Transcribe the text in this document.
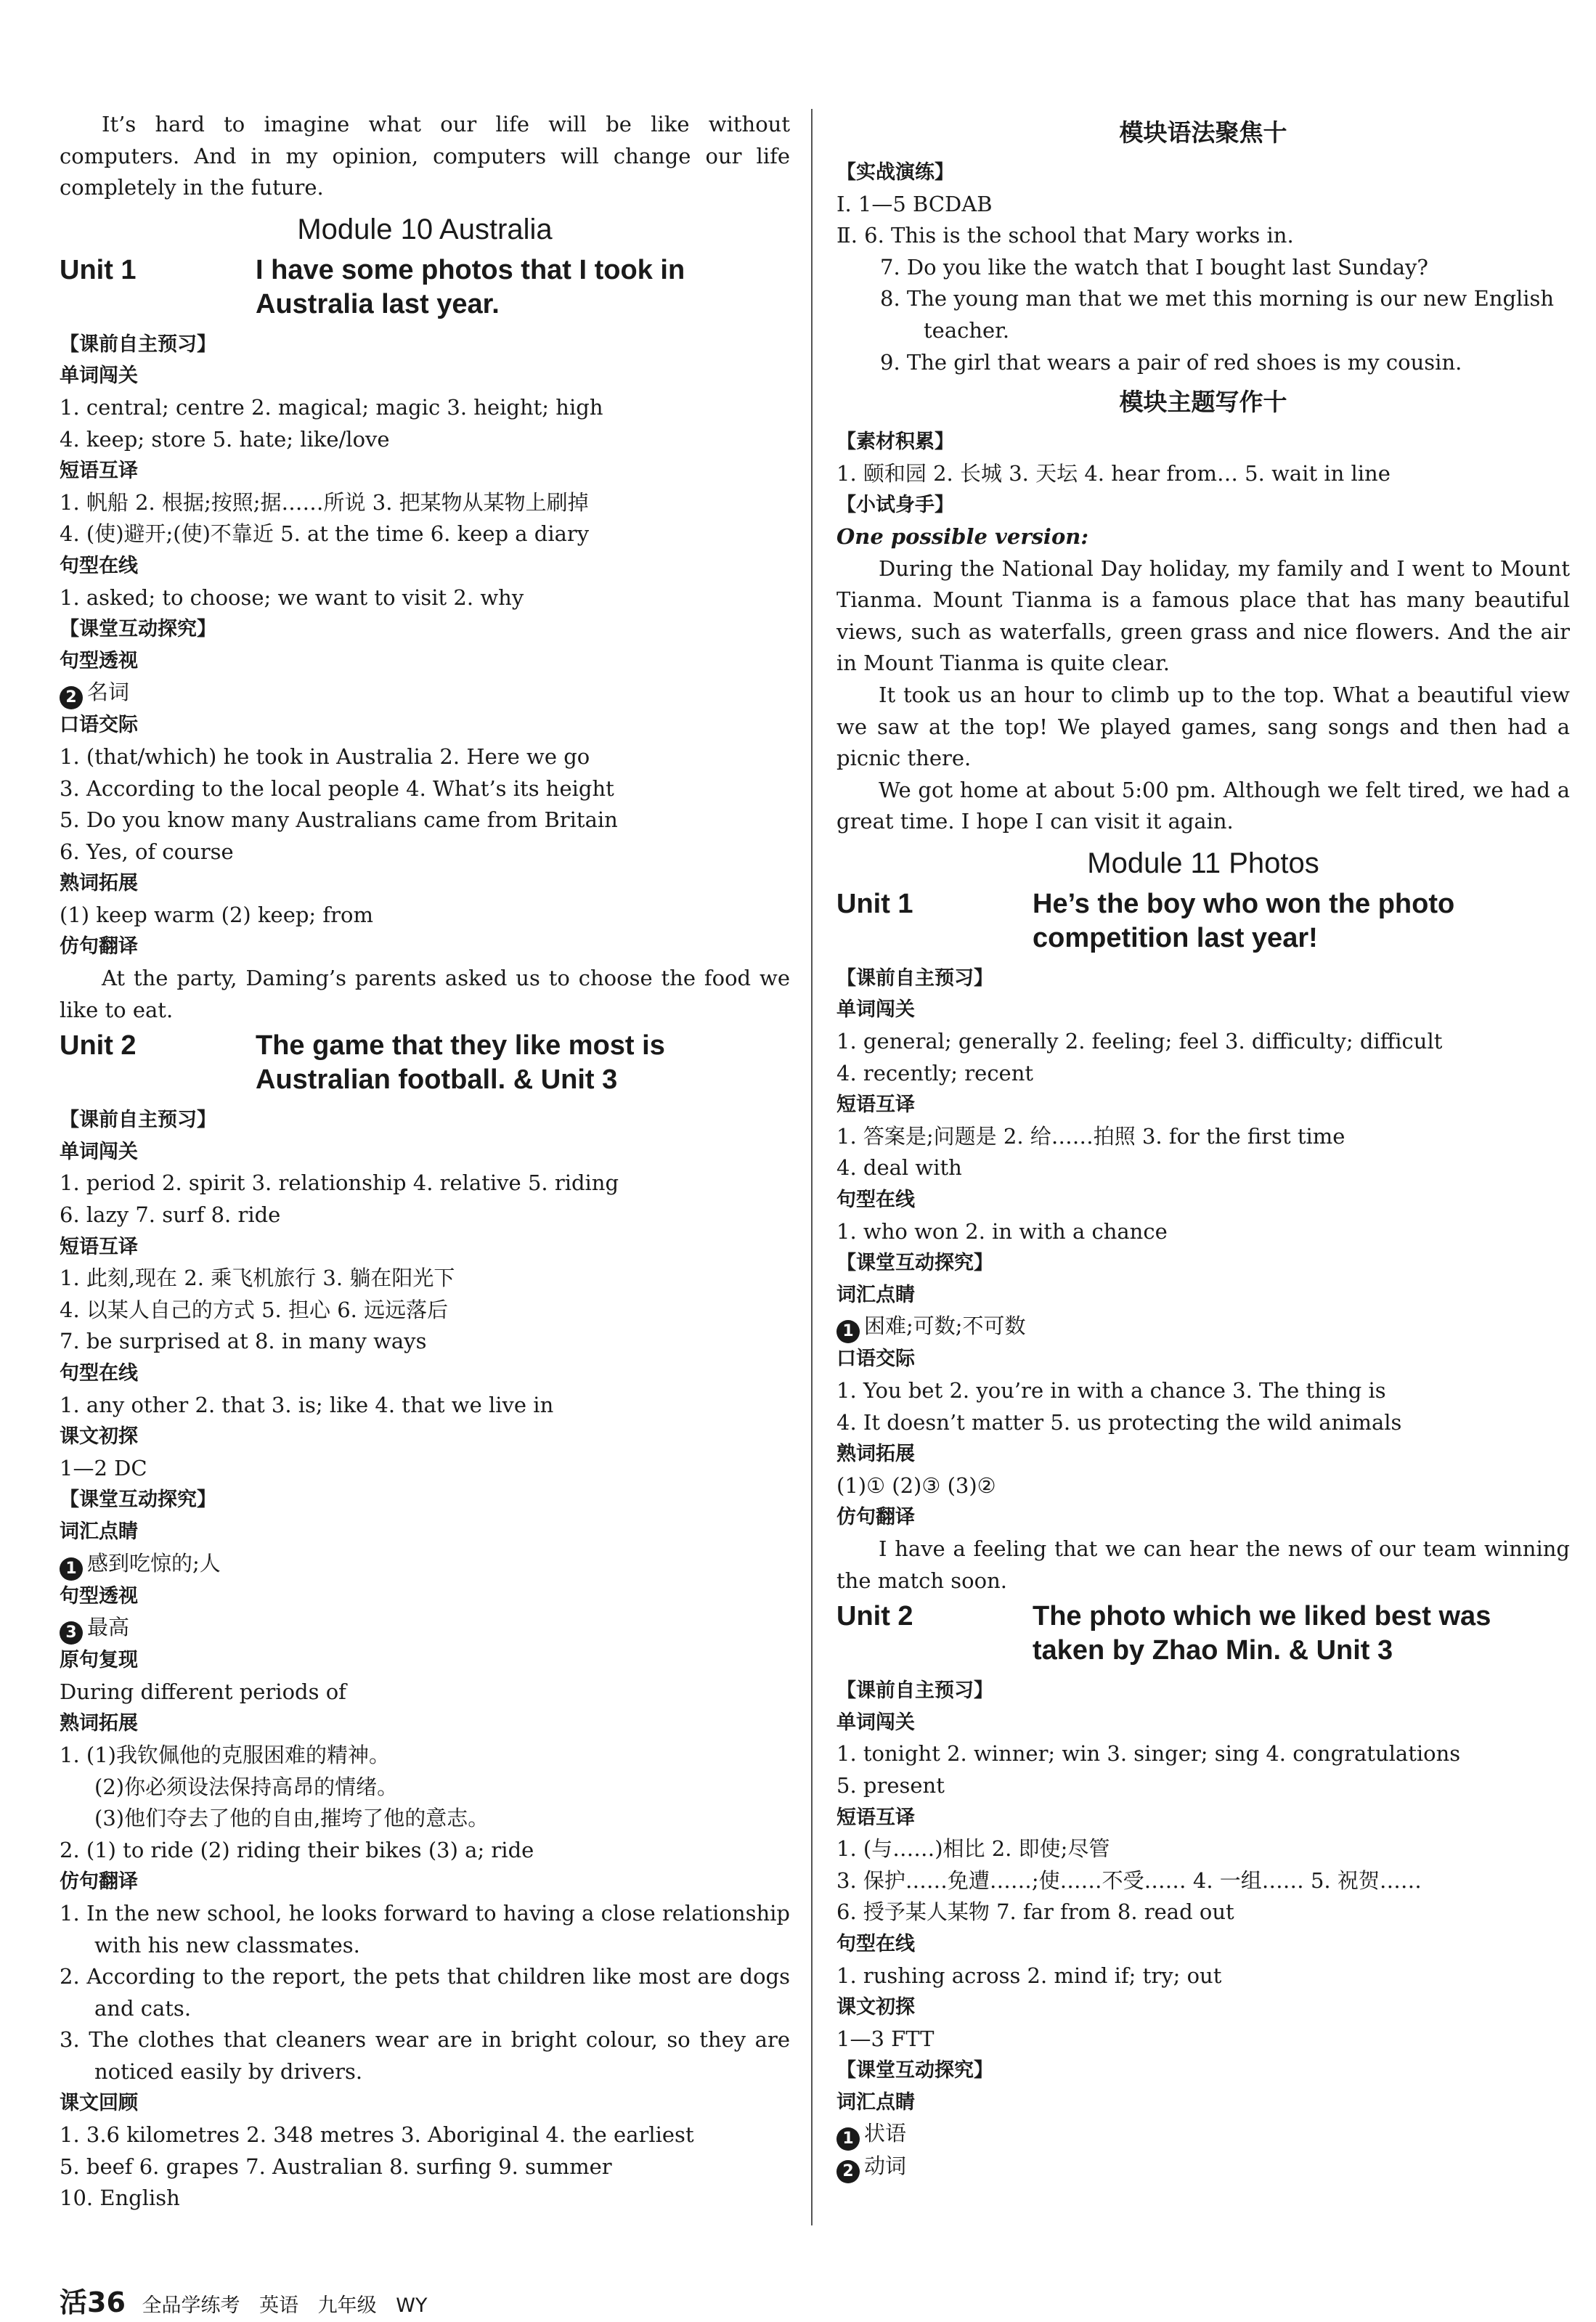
It’s hard to imagine what our life will be like without computers. And in my opinion, computers will change our life completely in the future.

Module 10 Australia
Unit 1	I have some photos that I took in Australia last year.

【课前自主预习】

单词闯关

1. central; centre 2. magical; magic 3. height; high

4. keep; store 5. hate; like/love

短语互译

1. 帆船 2. 根据;按照;据……所说 3. 把某物从某物上刷掉

4. (使)避开;(使)不靠近 5. at the time 6. keep a diary

句型在线

1. asked; to choose; we want to visit 2. why

【课堂互动探究】

句型透视

2 名词

口语交际

1. (that/which) he took in Australia 2. Here we go

3. According to the local people 4. What’s its height

5. Do you know many Australians came from Britain

6. Yes, of course

熟词拓展

(1) keep warm (2) keep; from

仿句翻译

At the party, Daming’s parents asked us to choose the food we like to eat.

Unit 2	The game that they like most is Australian football. & Unit 3

【课前自主预习】

单词闯关

1. period 2. spirit 3. relationship 4. relative 5. riding

6. lazy 7. surf 8. ride

短语互译

1. 此刻,现在 2. 乘飞机旅行 3. 躺在阳光下

4. 以某人自己的方式 5. 担心 6. 远远落后

7. be surprised at 8. in many ways

句型在线

1. any other 2. that 3. is; like 4. that we live in

课文初探

1—2 DC

【课堂互动探究】

词汇点睛

1 感到吃惊的;人

句型透视

3 最高

原句复现

During different periods of

熟词拓展

1. (1)我钦佩他的克服困难的精神。

(2)你必须设法保持高昂的情绪。

(3)他们夺去了他的自由,摧垮了他的意志。

2. (1) to ride (2) riding their bikes (3) a; ride

仿句翻译

1. In the new school, he looks forward to having a close relationship with his new classmates.

2. According to the report, the pets that children like most are dogs and cats.

3. The clothes that cleaners wear are in bright colour, so they are noticed easily by drivers.

课文回顾

1. 3.6 kilometres 2. 348 metres 3. Aboriginal 4. the earliest

5. beef 6. grapes 7. Australian 8. surfing 9. summer

10. English

模块语法聚焦十

【实战演练】

Ⅰ. 1—5 BCDAB

Ⅱ. 6. This is the school that Mary works in.

7. Do you like the watch that I bought last Sunday?

8. The young man that we met this morning is our new English teacher.

9. The girl that wears a pair of red shoes is my cousin.

模块主题写作十

【素材积累】

1. 颐和园 2. 长城 3. 天坛 4. hear from… 5. wait in line

【小试身手】

One possible version:

During the National Day holiday, my family and I went to Mount Tianma. Mount Tianma is a famous place that has many beautiful views, such as waterfalls, green grass and nice flowers. And the air in Mount Tianma is quite clear.

It took us an hour to climb up to the top. What a beautiful view we saw at the top! We played games, sang songs and then had a picnic there.

We got home at about 5:00 pm. Although we felt tired, we had a great time. I hope I can visit it again.

Module 11 Photos
Unit 1	He’s the boy who won the photo competition last year!

【课前自主预习】

单词闯关

1. general; generally 2. feeling; feel 3. difficulty; difficult

4. recently; recent

短语互译

1. 答案是;问题是 2. 给……拍照 3. for the first time

4. deal with

句型在线

1. who won 2. in with a chance

【课堂互动探究】

词汇点睛

1 困难;可数;不可数

口语交际

1. You bet 2. you’re in with a chance 3. The thing is

4. It doesn’t matter 5. us protecting the wild animals

熟词拓展

(1)① (2)③ (3)②

仿句翻译

I have a feeling that we can hear the news of our team winning the match soon.

Unit 2	The photo which we liked best was taken by Zhao Min. & Unit 3

【课前自主预习】

单词闯关

1. tonight 2. winner; win 3. singer; sing 4. congratulations

5. present

短语互译

1. (与……)相比 2. 即使;尽管

3. 保护……免遭……;使……不受…… 4. 一组…… 5. 祝贺……

6. 授予某人某物 7. far from 8. read out

句型在线

1. rushing across 2. mind if; try; out

课文初探

1—3 FTT

【课堂互动探究】

词汇点睛

1 状语

2 动词

活36 全品学练考 英语 九年级 WY
